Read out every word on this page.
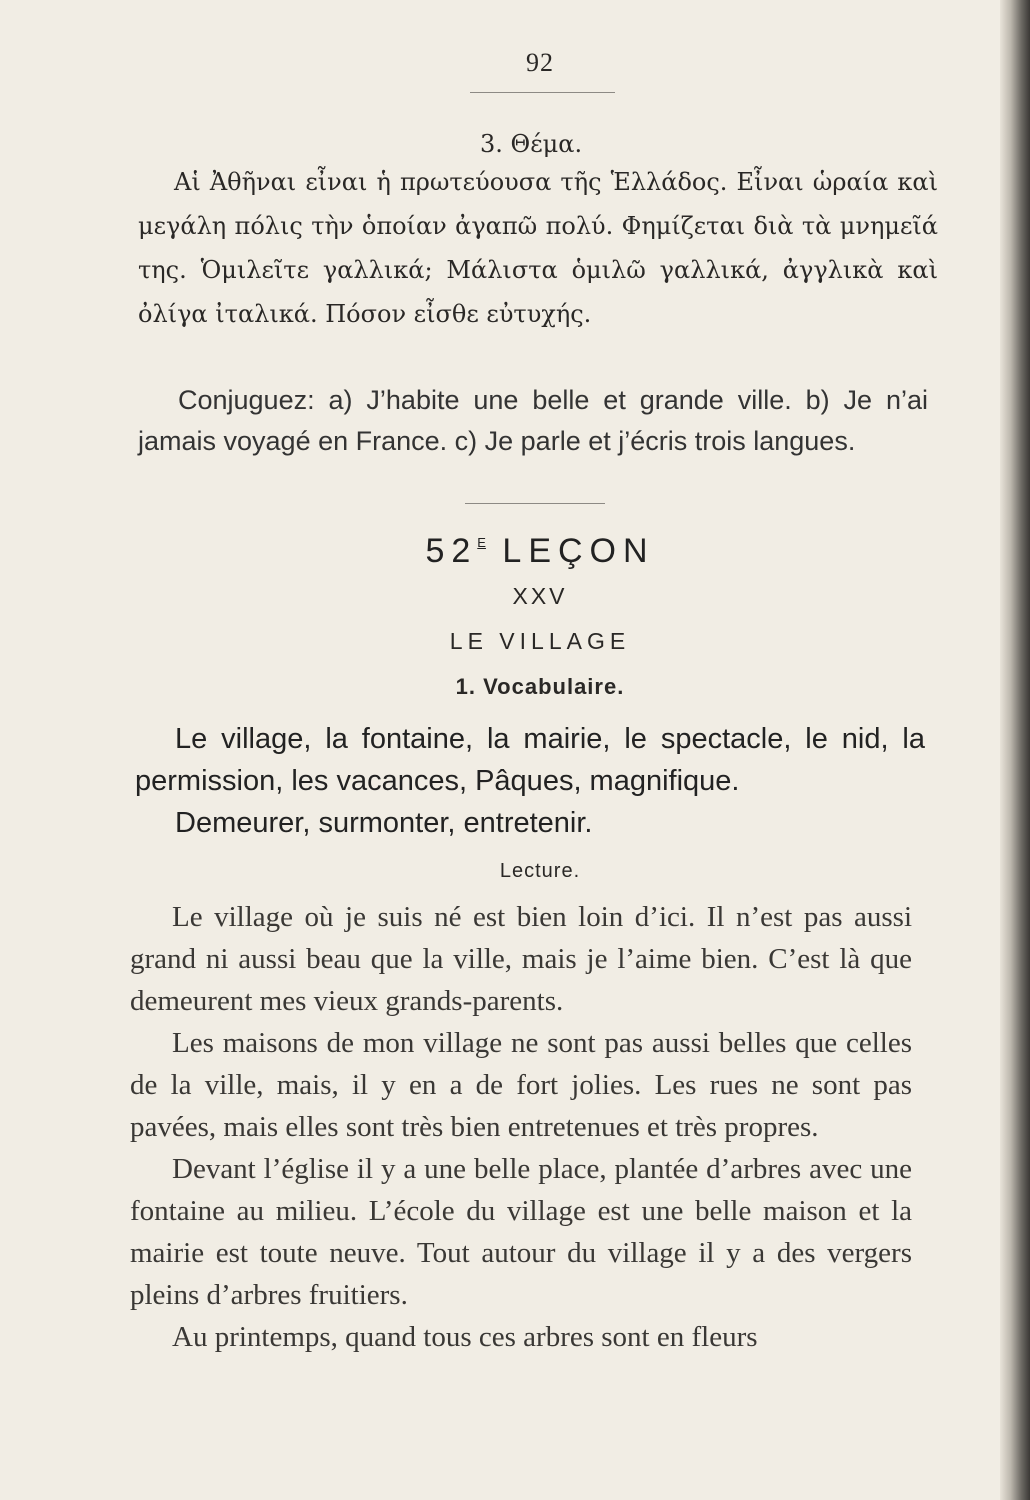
92
3. Θέμα.

Αἱ Ἀθῆναι εἶναι ἡ πρωτεύουσα τῆς Ἑλλάδος. Εἶναι ὡραία καὶ μεγάλη πόλις τὴν ὁποίαν ἀγαπῶ πολύ. Φημίζεται διὰ τὰ μνημεῖά της. Ὁμιλεῖτε γαλλικά; Μάλιστα ὁμιλῶ γαλλικά, ἀγγλικὰ καὶ ὀλίγα ἰταλικά. Πόσον εἶσθε εὐτυχής.

Conjuguez: a) J’habite une belle et grande ville. b) Je n’ai jamais voyagé en France. c) Je parle et j’écris trois langues.

$52^E$ LEÇON
XXV
LE VILLAGE
1. Vocabulaire.

Le village, la fontaine, la mairie, le spectacle, le nid, la permission, les vacances, Pâques, magnifique.

Demeurer, surmonter, entretenir.

Lecture.

Le village où je suis né est bien loin d’ici. Il n’est pas aussi grand ni aussi beau que la ville, mais je l’aime bien. C’est là que demeurent mes vieux grands-parents.

Les maisons de mon village ne sont pas aussi belles que celles de la ville, mais, il y en a de fort jolies. Les rues ne sont pas pavées, mais elles sont très bien entretenues et très propres.

Devant l’église il y a une belle place, plantée d’arbres avec une fontaine au milieu. L’école du village est une belle maison et la mairie est toute neuve. Tout autour du village il y a des vergers pleins d’arbres fruitiers.

Au printemps, quand tous ces arbres sont en fleurs
